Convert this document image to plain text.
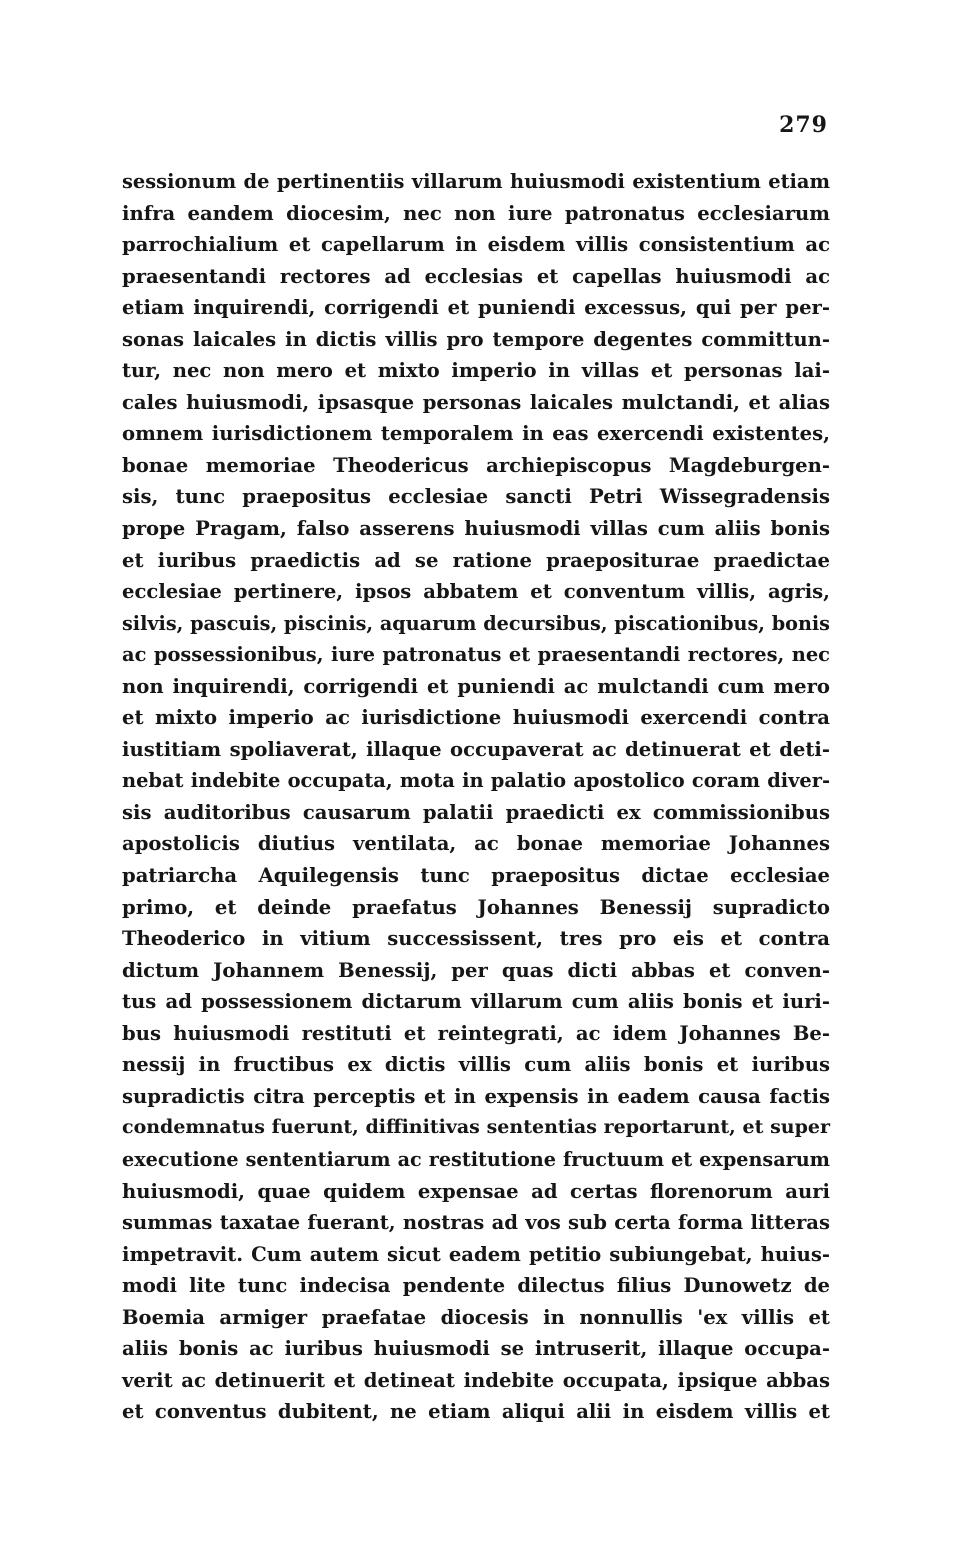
279
sessionum de pertinentiis villarum huiusmodi existentium etiam
infra eandem diocesim, nec non iure patronatus ecclesiarum
parrochialium et capellarum in eisdem villis consistentium ac
praesentandi rectores ad ecclesias et capellas huiusmodi ac
etiam inquirendi, corrigendi et puniendi excessus, qui per per-
sonas laicales in dictis villis pro tempore degentes committun-
tur, nec non mero et mixto imperio in villas et personas lai-
cales huiusmodi, ipsasque personas laicales mulctandi, et alias
omnem iurisdictionem temporalem in eas exercendi existentes,
bonae memoriae Theodericus archiepiscopus Magdeburgen-
sis, tunc praepositus ecclesiae sancti Petri Wissegradensis
prope Pragam, falso asserens huiusmodi villas cum aliis bonis
et iuribus praedictis ad se ratione praepositurae praedictae
ecclesiae pertinere, ipsos abbatem et conventum villis, agris,
silvis, pascuis, piscinis, aquarum decursibus, piscationibus, bonis
ac possessionibus, iure patronatus et praesentandi rectores, nec
non inquirendi, corrigendi et puniendi ac mulctandi cum mero
et mixto imperio ac iurisdictione huiusmodi exercendi contra
iustitiam spoliaverat, illaque occupaverat ac detinuerat et deti-
nebat indebite occupata, mota in palatio apostolico coram diver-
sis auditoribus causarum palatii praedicti ex commissionibus
apostolicis diutius ventilata, ac bonae memoriae Johannes
patriarcha Aquilegensis tunc praepositus dictae ecclesiae
primo, et deinde praefatus Johannes Benessij supradicto
Theoderico in vitium successissent, tres pro eis et contra
dictum Johannem Benessij, per quas dicti abbas et conven-
tus ad possessionem dictarum villarum cum aliis bonis et iuri-
bus huiusmodi restituti et reintegrati, ac idem Johannes Be-
nessij in fructibus ex dictis villis cum aliis bonis et iuribus
supradictis citra perceptis et in expensis in eadem causa factis
condemnatus fuerunt, diffinitivas sententias reportarunt, et super
executione sententiarum ac restitutione fructuum et expensarum
huiusmodi, quae quidem expensae ad certas florenorum auri
summas taxatae fuerant, nostras ad vos sub certa forma litteras
impetravit. Cum autem sicut eadem petitio subiungebat, huius-
modi lite tunc indecisa pendente dilectus filius Dunowetz de
Boemia armiger praefatae diocesis in nonnullis 'ex villis et
aliis bonis ac iuribus huiusmodi se intruserit, illaque occupa-
verit ac detinuerit et detineat indebite occupata, ipsique abbas
et conventus dubitent, ne etiam aliqui alii in eisdem villis et
